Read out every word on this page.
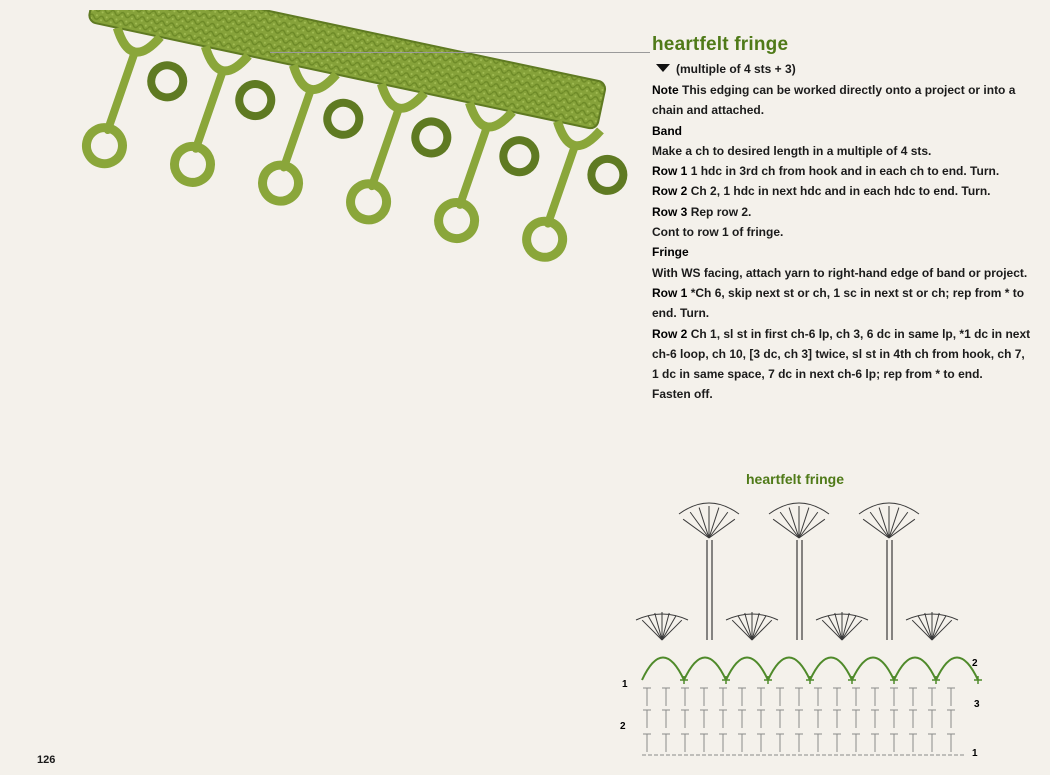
heartfelt fringe
(multiple of 4 sts + 3)

Note This edging can be worked directly onto a project or into a chain and attached.

Band

Make a ch to desired length in a multiple of 4 sts.

Row 1 1 hdc in 3rd ch from hook and in each ch to end. Turn.

Row 2 Ch 2, 1 hdc in next hdc and in each hdc to end. Turn.

Row 3 Rep row 2.

Cont to row 1 of fringe.

Fringe

With WS facing, attach yarn to right-hand edge of band or project.

Row 1 *Ch 6, skip next st or ch, 1 sc in next st or ch; rep from * to end. Turn.

Row 2 Ch 1, sl st in first ch-6 lp, ch 3, 6 dc in same lp, *1 dc in next ch-6 loop, ch 10, [3 dc, ch 3] twice, sl st in 4th ch from hook, ch 7, 1 dc in same space, 7 dc in next ch-6 lp; rep from * to end.

Fasten off.

heartfelt fringe
1
2
2
3
1
126
